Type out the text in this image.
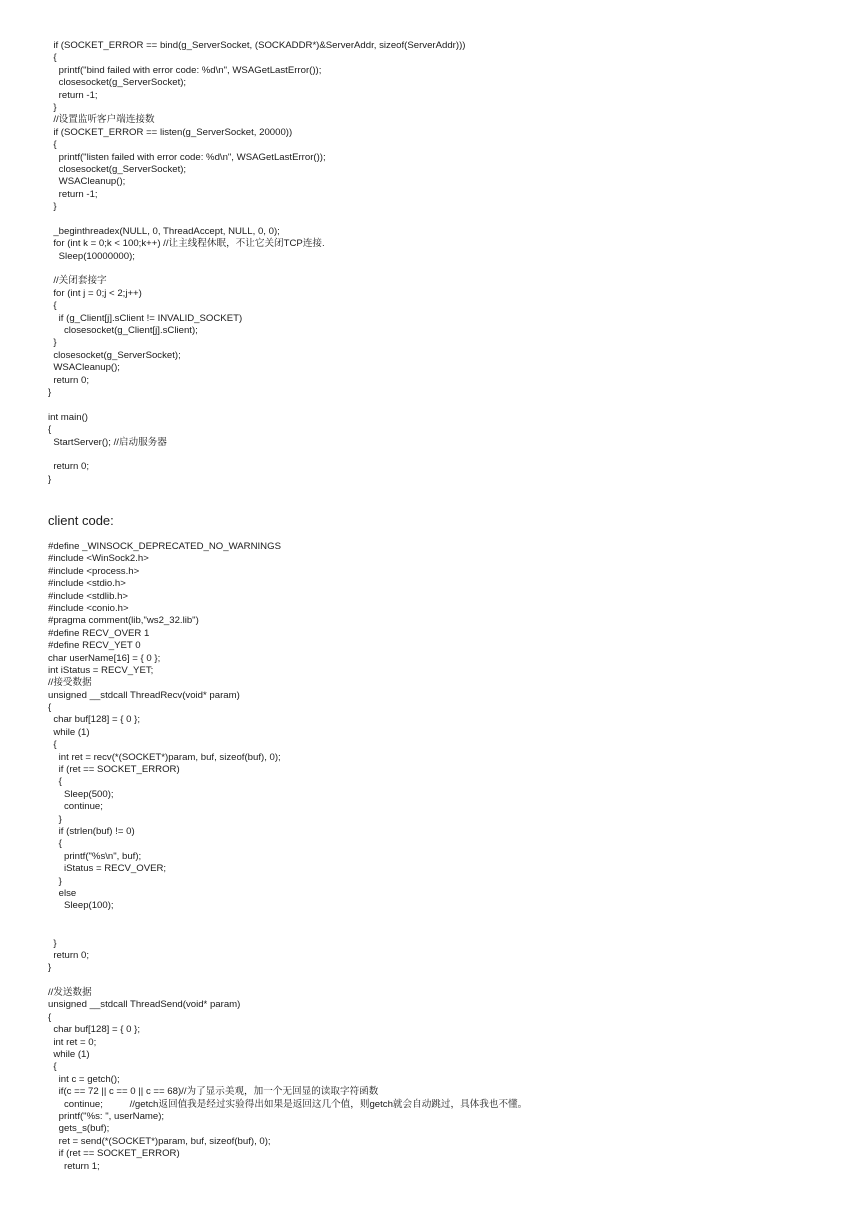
if (SOCKET_ERROR == bind(g_ServerSocket, (SOCKADDR*)&ServerAddr, sizeof(ServerAddr)))
{
printf("bind failed with error code: %d\n", WSAGetLastError());
closesocket(g_ServerSocket);
return -1;
}
//设置监听客户端连接数
if (SOCKET_ERROR == listen(g_ServerSocket, 20000))
{
printf("listen failed with error code: %d\n", WSAGetLastError());
closesocket(g_ServerSocket);
WSACleanup();
return -1;
}
_beginthreadex(NULL, 0, ThreadAccept, NULL, 0, 0);
for (int k = 0;k < 100;k++) //让主线程休眠，不让它关闭TCP连接.
Sleep(10000000);
//关闭套接字
for (int j = 0;j < 2;j++)
{
if (g_Client[j].sClient != INVALID_SOCKET)
closesocket(g_Client[j].sClient);
}
closesocket(g_ServerSocket);
WSACleanup();
return 0;
}
int main()
{
StartServer(); //启动服务器
return 0;
}
client code:
#define _WINSOCK_DEPRECATED_NO_WARNINGS
#include <WinSock2.h>
#include <process.h>
#include <stdio.h>
#include <stdlib.h>
#include <conio.h>
#pragma comment(lib,"ws2_32.lib")
#define RECV_OVER 1
#define RECV_YET 0
char userName[16] = { 0 };
int iStatus = RECV_YET;
//接受数据
unsigned __stdcall ThreadRecv(void* param)
{
char buf[128] = { 0 };
while (1)
{
int ret = recv(*(SOCKET*)param, buf, sizeof(buf), 0);
if (ret == SOCKET_ERROR)
{
Sleep(500);
continue;
}
if (strlen(buf) != 0)
{
printf("%s\n", buf);
iStatus = RECV_OVER;
}
else
Sleep(100);
}
return 0;
}
//发送数据
unsigned __stdcall ThreadSend(void* param)
{
char buf[128] = { 0 };
int ret = 0;
while (1)
{
int c = getch();
if(c == 72 || c == 0 || c == 68)//为了显示美观，加一个无回显的读取字符函数
continue;          //getch返回值我是经过实验得出如果是返回这几个值，则getch就会自动跳过，具体我也不懂。
printf("%s: ", userName);
gets_s(buf);
ret = send(*(SOCKET*)param, buf, sizeof(buf), 0);
if (ret == SOCKET_ERROR)
return 1;
